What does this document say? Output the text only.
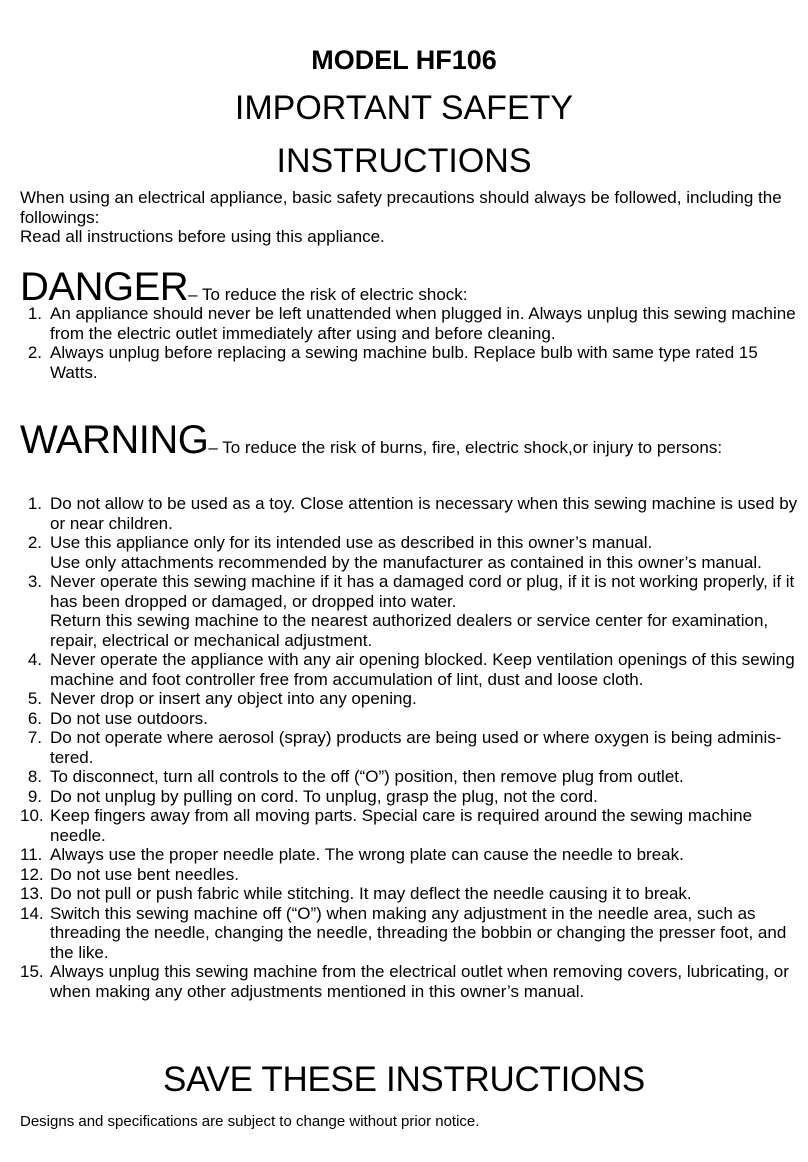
MODEL HF106
IMPORTANT SAFETY
INSTRUCTIONS

When using an electrical appliance, basic safety precautions should always be followed, including the followings:

Read all instructions before using this appliance.

DANGER– To reduce the risk of electric shock:
1. An appliance should never be left unattended when plugged in. Always unplug this sewing machine from the electric outlet immediately after using and before cleaning.
2. Always unplug before replacing a sewing machine bulb. Replace bulb with same type rated 15 Watts.
WARNING– To reduce the risk of burns, fire, electric shock,or injury to persons:
1. Do not allow to be used as a toy. Close attention is necessary when this sewing machine is used by or near children.
2. Use this appliance only for its intended use as described in this owner’s manual.
Use only attachments recommended by the manufacturer as contained in this owner’s manual.
3. Never operate this sewing machine if it has a damaged cord or plug, if it is not working properly, if it has been dropped or damaged, or dropped into water.
Return this sewing machine to the nearest authorized dealers or service center for examination,
repair, electrical or mechanical adjustment.
4. Never operate the appliance with any air opening blocked. Keep ventilation openings of this sewing machine and foot controller free from accumulation of lint, dust and loose cloth.
5. Never drop or insert any object into any opening.
6. Do not use outdoors.
7. Do not operate where aerosol (spray) products are being used or where oxygen is being adminis-tered.
8. To disconnect, turn all controls to the off (“O”) position, then remove plug from outlet.
9. Do not unplug by pulling on cord. To unplug, grasp the plug, not the cord.
10. Keep fingers away from all moving parts. Special care is required around the sewing machine needle.
11. Always use the proper needle plate. The wrong plate can cause the needle to break.
12. Do not use bent needles.
13. Do not pull or push fabric while stitching. It may deflect the needle causing it to break.
14. Switch this sewing machine off (“O”) when making any adjustment in the needle area, such as threading the needle, changing the needle, threading the bobbin or changing the presser foot, and the like.
15. Always unplug this sewing machine from the electrical outlet when removing covers, lubricating, or when making any other adjustments mentioned in this owner’s manual.
SAVE THESE INSTRUCTIONS
Designs and specifications are subject to change without prior notice.
